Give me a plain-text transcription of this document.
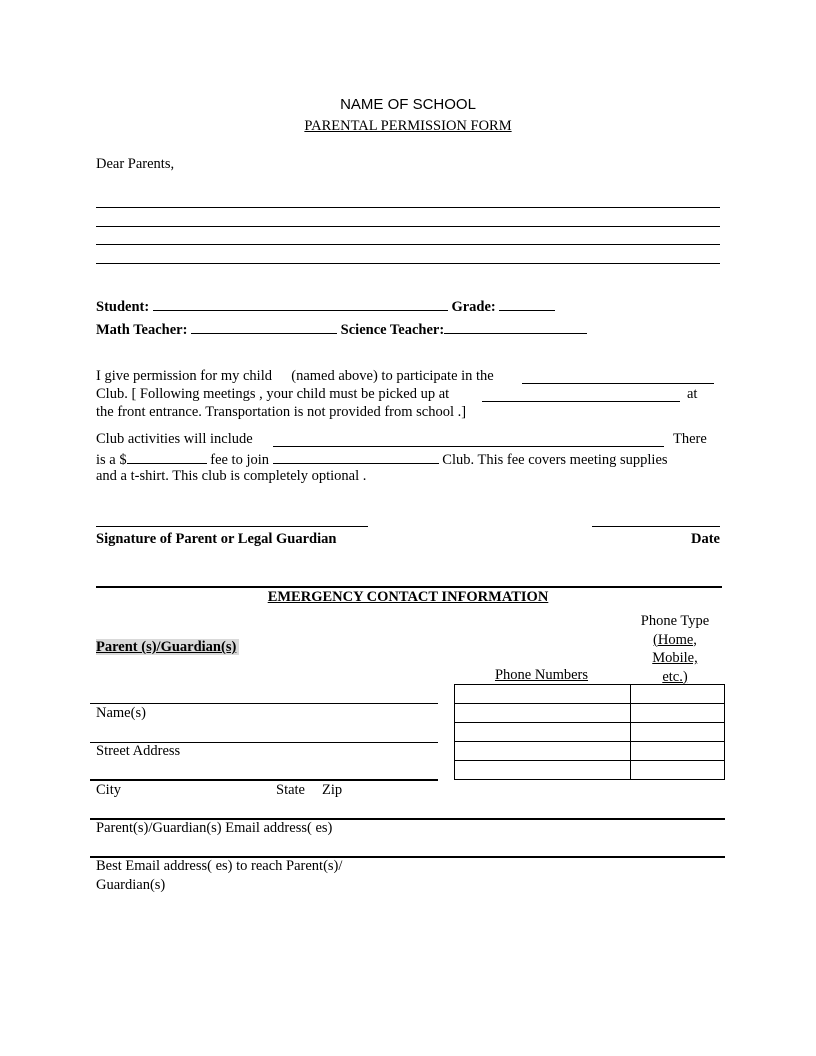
NAME OF SCHOOL
PARENTAL PERMISSION FORM
Dear Parents,
Student:	Grade:
Math Teacher:	Science Teacher:
I give permission for my child (named above) to participate in the
Club. [ Following meetings , your child must be picked up at	at
the front entrance. Transportation is not provided from school .]
Club activities will include	There
is a $	fee to join	Club. This fee covers meeting supplies
and a t-shirt. This club is completely optional .
Signature of Parent or Legal Guardian	Date
EMERGENCY CONTACT INFORMATION
Parent (s)/Guardian(s)
Phone Type
(Home,
Mobile,
etc.)
Phone Numbers

Name(s)
Street Address
City	State Zip
Parent(s)/Guardian(s) Email address( es)
Best Email address( es) to reach Parent(s)/
Guardian(s)
